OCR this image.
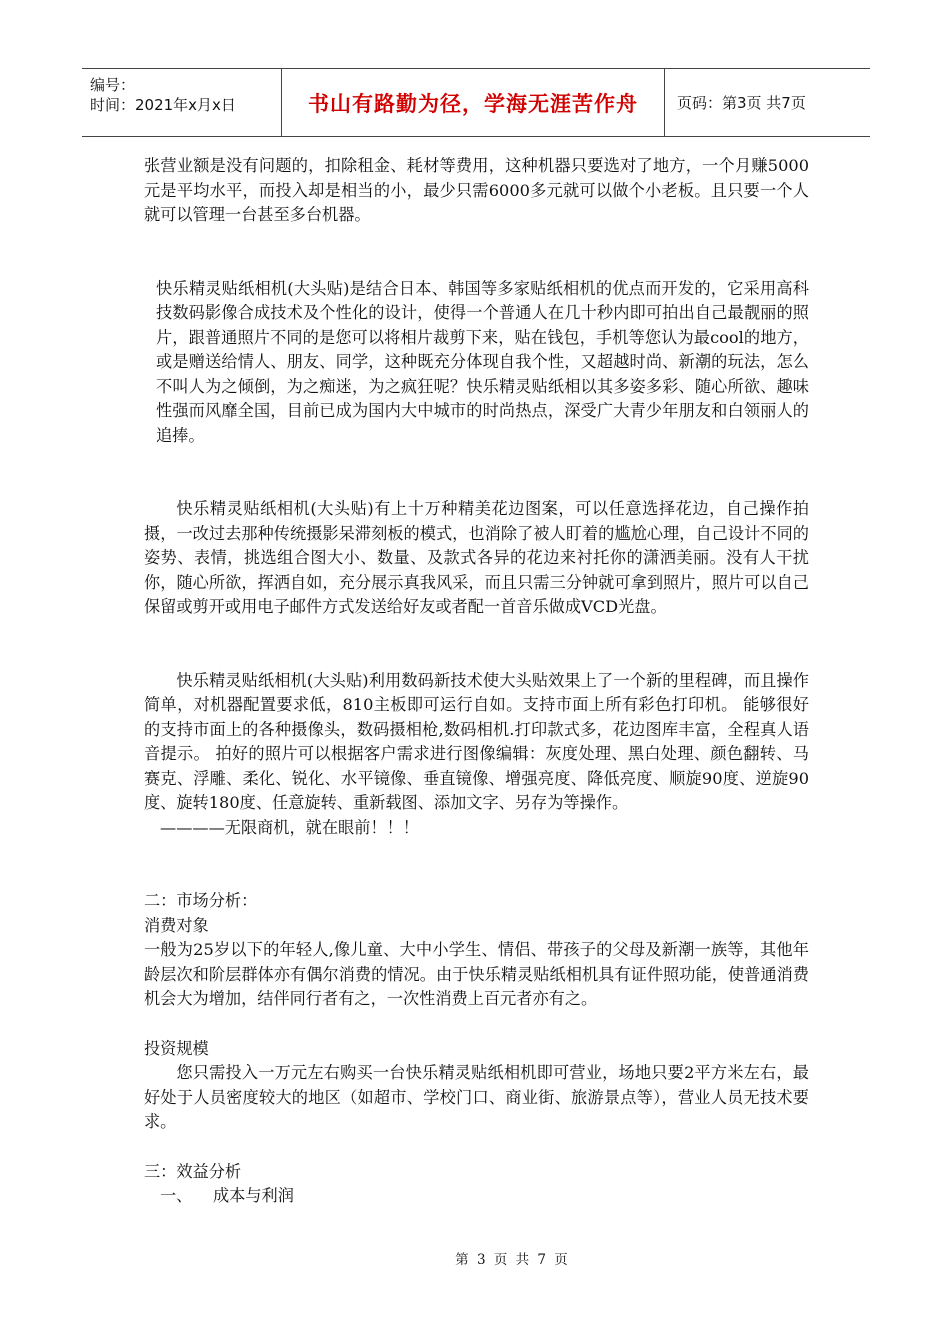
编号：
时间：2021年x月x日	书山有路勤为径，学海无涯苦作舟	页码：第3页 共7页

张营业额是没有问题的，扣除租金、耗材等费用，这种机器只要选对了地方，一个月赚5000元是平均水平，而投入却是相当的小，最少只需6000多元就可以做个小老板。且只要一个人就可以管理一台甚至多台机器。

快乐精灵贴纸相机(大头贴)是结合日本、韩国等多家贴纸相机的优点而开发的，它采用高科技数码影像合成技术及个性化的设计，使得一个普通人在几十秒内即可拍出自己最靓丽的照片，跟普通照片不同的是您可以将相片裁剪下来，贴在钱包，手机等您认为最cool的地方，或是赠送给情人、朋友、同学，这种既充分体现自我个性，又超越时尚、新潮的玩法，怎么不叫人为之倾倒，为之痴迷，为之疯狂呢？快乐精灵贴纸相以其多姿多彩、随心所欲、趣味性强而风靡全国，目前已成为国内大中城市的时尚热点，深受广大青少年朋友和白领丽人的追捧。

快乐精灵贴纸相机(大头贴)有上十万种精美花边图案，可以任意选择花边，自己操作拍摄，一改过去那种传统摄影呆滞刻板的模式，也消除了被人盯着的尴尬心理，自己设计不同的姿势、表情，挑选组合图大小、数量、及款式各异的花边来衬托你的潇洒美丽。没有人干扰你，随心所欲，挥洒自如，充分展示真我风采，而且只需三分钟就可拿到照片，照片可以自己保留或剪开或用电子邮件方式发送给好友或者配一首音乐做成VCD光盘。

快乐精灵贴纸相机(大头贴)利用数码新技术使大头贴效果上了一个新的里程碑，而且操作简单，对机器配置要求低，810主板即可运行自如。支持市面上所有彩色打印机。 能够很好的支持市面上的各种摄像头，数码摄相枪,数码相机.打印款式多，花边图库丰富，全程真人语音提示。 拍好的照片可以根据客户需求进行图像编辑：灰度处理、黑白处理、颜色翻转、马赛克、浮雕、柔化、锐化、水平镜像、垂直镜像、增强亮度、降低亮度、顺旋90度、逆旋90度、旋转180度、任意旋转、重新载图、添加文字、另存为等操作。

————无限商机，就在眼前！！！

二：市场分析：

消费对象

一般为25岁以下的年轻人,像儿童、大中小学生、情侣、带孩子的父母及新潮一族等，其他年龄层次和阶层群体亦有偶尔消费的情况。由于快乐精灵贴纸相机具有证件照功能，使普通消费机会大为增加，结伴同行者有之，一次性消费上百元者亦有之。

投资规模

您只需投入一万元左右购买一台快乐精灵贴纸相机即可营业，场地只要2平方米左右，最好处于人员密度较大的地区（如超市、学校门口、商业街、旅游景点等），营业人员无技术要求。

三：效益分析

一、    成本与利润

第 3 页 共 7 页
